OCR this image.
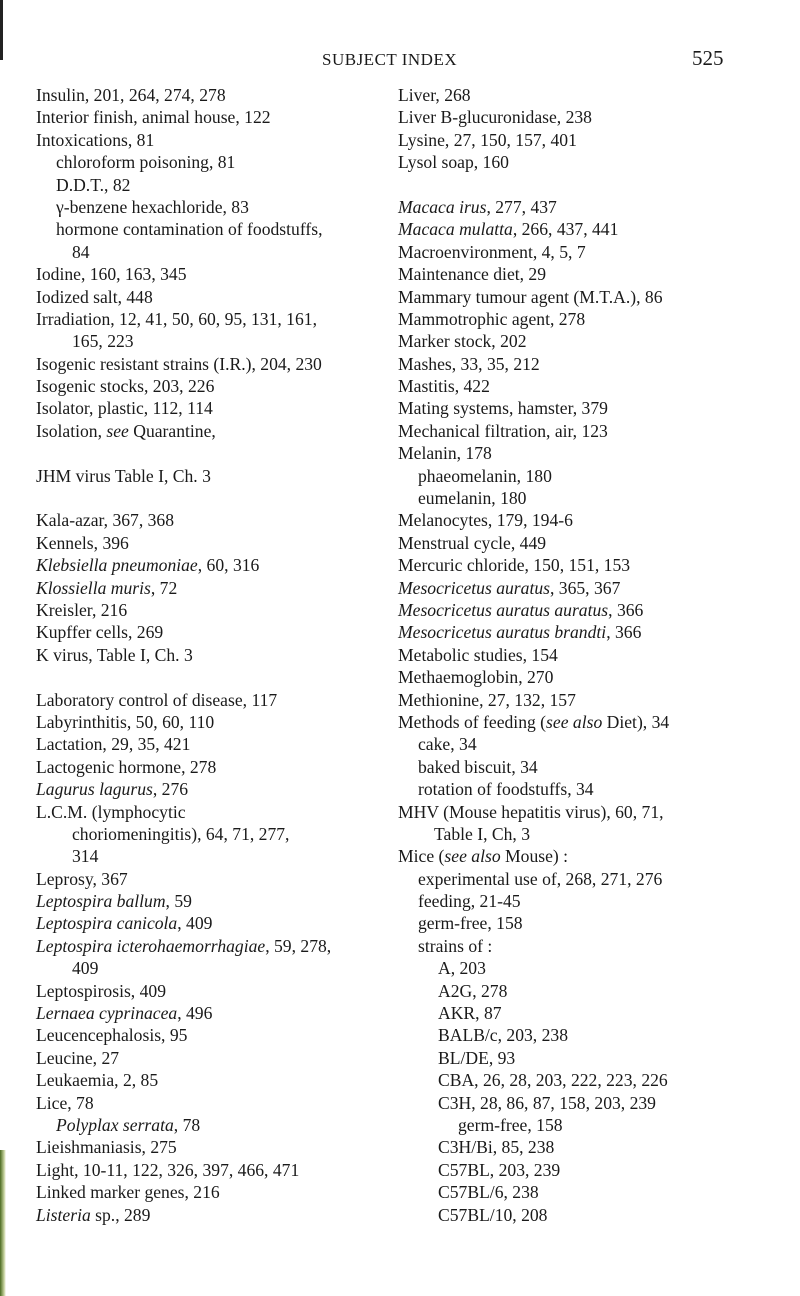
SUBJECT INDEX	525
Insulin, 201, 264, 274, 278
Interior finish, animal house, 122
Intoxications, 81
chloroform poisoning, 81
D.D.T., 82
γ-benzene hexachloride, 83
hormone contamination of foodstuffs,
84
Iodine, 160, 163, 345
Iodized salt, 448
Irradiation, 12, 41, 50, 60, 95, 131, 161,
165, 223
Isogenic resistant strains (I.R.), 204, 230
Isogenic stocks, 203, 226
Isolator, plastic, 112, 114
Isolation, see Quarantine,
JHM virus Table I, Ch. 3
Kala-azar, 367, 368
Kennels, 396
Klebsiella pneumoniae, 60, 316
Klossiella muris, 72
Kreisler, 216
Kupffer cells, 269
K virus, Table I, Ch. 3
Laboratory control of disease, 117
Labyrinthitis, 50, 60, 110
Lactation, 29, 35, 421
Lactogenic hormone, 278
Lagurus lagurus, 276
L.C.M. (lymphocytic
choriomeningitis), 64, 71, 277,
314
Leprosy, 367
Leptospira ballum, 59
Leptospira canicola, 409
Leptospira icterohaemorrhagiae, 59, 278,
409
Leptospirosis, 409
Lernaea cyprinacea, 496
Leucencephalosis, 95
Leucine, 27
Leukaemia, 2, 85
Lice, 78
Polyplax serrata, 78
Lieishmaniasis, 275
Light, 10-11, 122, 326, 397, 466, 471
Linked marker genes, 216
Listeria sp., 289
Liver, 268
Liver B-glucuronidase, 238
Lysine, 27, 150, 157, 401
Lysol soap, 160
Macaca irus, 277, 437
Macaca mulatta, 266, 437, 441
Macroenvironment, 4, 5, 7
Maintenance diet, 29
Mammary tumour agent (M.T.A.), 86
Mammotrophic agent, 278
Marker stock, 202
Mashes, 33, 35, 212
Mastitis, 422
Mating systems, hamster, 379
Mechanical filtration, air, 123
Melanin, 178
phaeomelanin, 180
eumelanin, 180
Melanocytes, 179, 194-6
Menstrual cycle, 449
Mercuric chloride, 150, 151, 153
Mesocricetus auratus, 365, 367
Mesocricetus auratus auratus, 366
Mesocricetus auratus brandti, 366
Metabolic studies, 154
Methaemoglobin, 270
Methionine, 27, 132, 157
Methods of feeding (see also Diet), 34
cake, 34
baked biscuit, 34
rotation of foodstuffs, 34
MHV (Mouse hepatitis virus), 60, 71,
Table I, Ch, 3
Mice (see also Mouse) :
experimental use of, 268, 271, 276
feeding, 21-45
germ-free, 158
strains of :
A, 203
A2G, 278
AKR, 87
BALB/c, 203, 238
BL/DE, 93
CBA, 26, 28, 203, 222, 223, 226
C3H, 28, 86, 87, 158, 203, 239
germ-free, 158
C3H/Bi, 85, 238
C57BL, 203, 239
C57BL/6, 238
C57BL/10, 208
